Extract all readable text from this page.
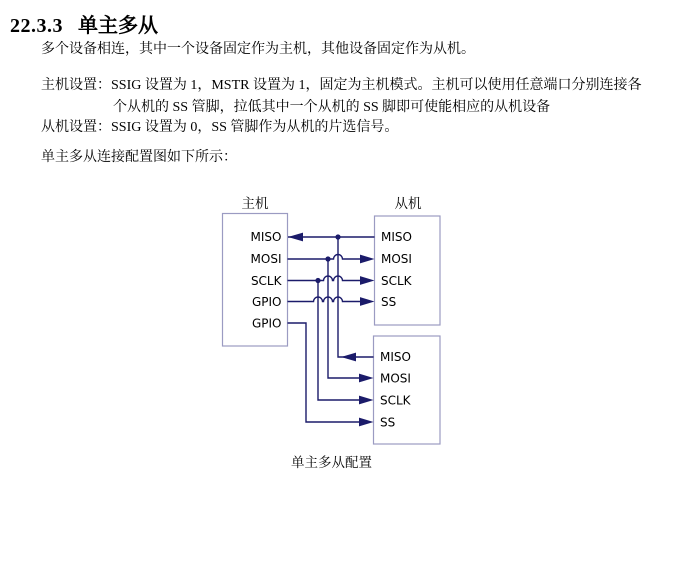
22.3.3 单主多从
多个设备相连，其中一个设备固定作为主机，其他设备固定作为从机。
主机设置：SSIG 设置为 1，MSTR 设置为 1，固定为主机模式。主机可以使用任意端口分别连接各
个从机的 SS 管脚，拉低其中一个从机的 SS 脚即可使能相应的从机设备
从机设置：SSIG 设置为 0，SS 管脚作为从机的片选信号。
单主多从连接配置图如下所示：
主机	从机
MISO
MOSI
SCLK
GPIO
GPIO
MISO
MOSI
SCLK
SS
MISO
MOSI
SCLK
SS
单主多从配置
